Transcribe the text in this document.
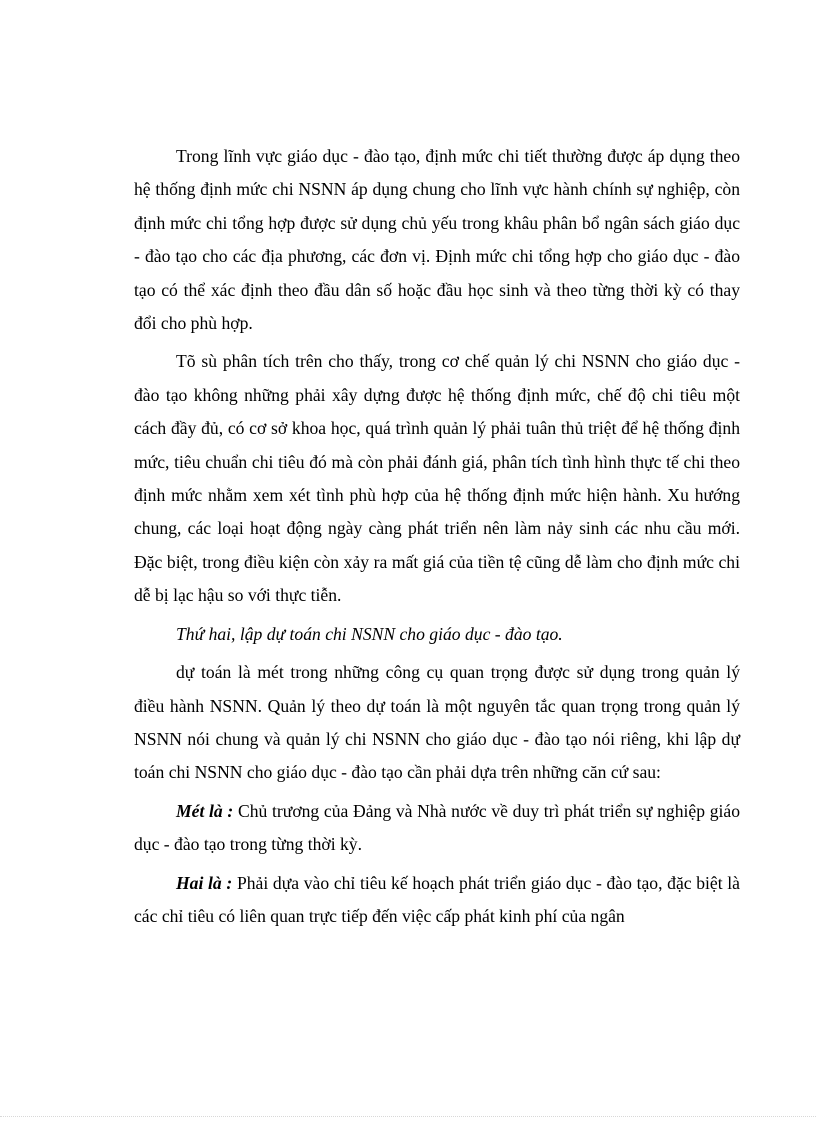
Trong lĩnh vực giáo dục - đào tạo, định mức chi tiết thường được áp dụng theo hệ thống định mức chi NSNN áp dụng chung cho lĩnh vực hành chính sự nghiệp, còn định mức chi tổng hợp được sử dụng chủ yếu trong khâu phân bổ ngân sách giáo dục - đào tạo cho các địa phương, các đơn vị. Định mức chi tổng hợp cho giáo dục - đào tạo có thể xác định theo đầu dân số hoặc đầu học sinh và theo từng thời kỳ có thay đổi cho phù hợp.

Tõ sù phân tích trên cho thấy, trong cơ chế quản lý chi NSNN cho giáo dục - đào tạo không những phải xây dựng được hệ thống định mức, chế độ chi tiêu một cách đầy đủ, có cơ sở khoa học, quá trình quản lý phải tuân thủ triệt để hệ thống định mức, tiêu chuẩn chi tiêu đó mà còn phải đánh giá, phân tích tình hình thực tế chi theo định mức nhằm xem xét tình phù hợp của hệ thống định mức hiện hành. Xu hướng chung, các loại hoạt động ngày càng phát triển nên làm nảy sinh các nhu cầu mới. Đặc biệt, trong điều kiện còn xảy ra mất giá của tiền tệ cũng dễ làm cho định mức chi dễ bị lạc hậu so với thực tiễn.

Thứ hai, lập dự toán chi NSNN cho giáo dục - đào tạo.

dự toán là mét trong những công cụ quan trọng được sử dụng trong quản lý điều hành NSNN. Quản lý theo dự toán là một nguyên tắc quan trọng trong quản lý NSNN nói chung và quản lý chi NSNN cho giáo dục - đào tạo nói riêng, khi lập dự toán chi NSNN cho giáo dục - đào tạo cần phải dựa trên những căn cứ sau:

Mét là : Chủ trương của Đảng và Nhà nước về duy trì phát triển sự nghiệp giáo dục - đào tạo trong từng thời kỳ.

Hai là : Phải dựa vào chỉ tiêu kế hoạch phát triển giáo dục - đào tạo, đặc biệt là các chỉ tiêu có liên quan trực tiếp đến việc cấp phát kinh phí của ngân
